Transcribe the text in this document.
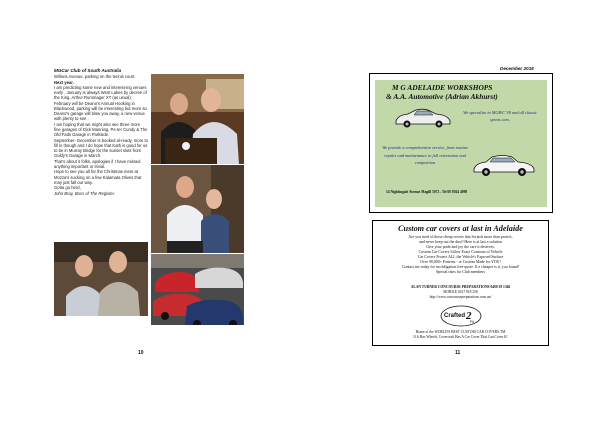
MGCar Club of South Australia

Willons Avenue, parking on the tennis court.

Next year.

I am predicting some new and interest-ing venues early . January is always West Lakes by decree of the King, Arthur Rummager XT (as usual). February will be Deano's Annual Hooking in Blackwood, parking will be interesting but more so Deano's garage will blow you away, a new venue with plenty to see .

I am hoping that we might also see three more fine garages of Dick Manning, Pe-ter Cundy & The Old Fads Garage in Parkside.

September- December is booked al-ready, more to fill in though and I do hope that Kath is good for us to be in Murray Bridge for the sunset slots from Goldy's Garage in March.

That's about it folks, apologies if I have missed anything important or trivial.

Hope to see you all for the Christmas meet at Mozza's sucking on a few Kalamata Olives that may just fall our way.

Gotta go herd,

John Bray, Boss of The Register.

10
December 2018
M G ADELAIDE WORKSHOPS
& A.A. Automotive (Adrian Akhurst)
We specialise in MGB/C V8 and all classic sports cars.
We provide a comprehensive service, from routine repairs and maintenance to full restoration and competition
14 Nightingale Avenue Magill 5072 . Tel 08 8364 4998
Custom car covers at last in Adelaide
Are you tired of those cheap covers that Scratch more than protect,
and never keep out the dust? Here is at last a solution
Give your pride and joy the care it deserves.
Custom Car Covers follow Exact Contours of Vehicle
Car Covers Protect ALL the Vehicle's Exposed Surface
Over 90,000+ Patterns - or Custom Made for YOU!
Contact me today for an obligation free quote. If a cheaper is it, you found!
Special rates for Club members
ALAN TURNER CONCOURSE PREPARATIONS 0400 39 1346
MOBILE 0417 818 258
http://www.concoursepreparations.com.au/
Crafted 2
Fit
Home of the WORLD'S BEST CUSTOM CAR COVERS.TM
If It Has Wheels, Covercraft Has A Car Cover That Can Cover It!
11
